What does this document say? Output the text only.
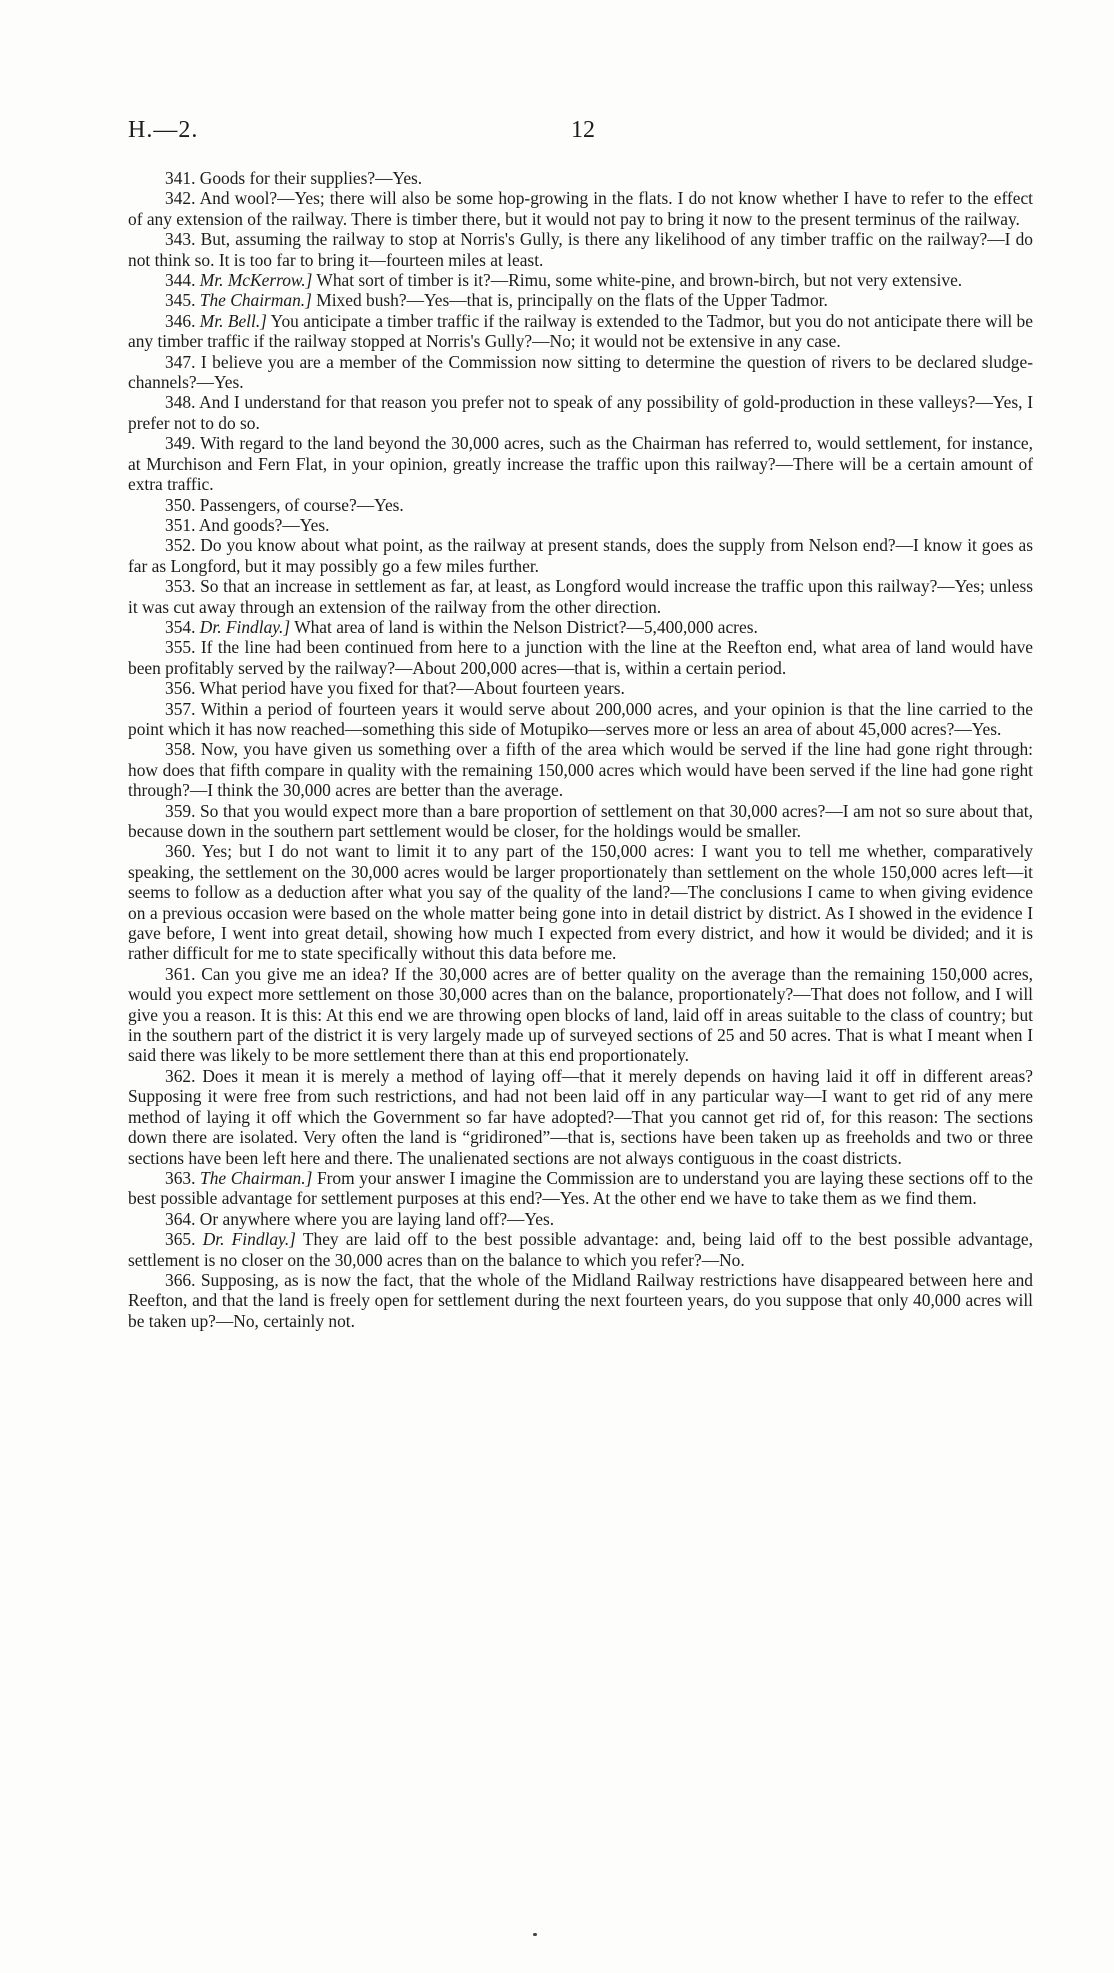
H.—2.	12

341. Goods for their supplies?—Yes.

342. And wool?—Yes; there will also be some hop-growing in the flats. I do not know whether I have to refer to the effect of any extension of the railway. There is timber there, but it would not pay to bring it now to the present terminus of the railway.

343. But, assuming the railway to stop at Norris's Gully, is there any likelihood of any timber traffic on the railway?—I do not think so. It is too far to bring it—fourteen miles at least.

344. Mr. McKerrow.] What sort of timber is it?—Rimu, some white-pine, and brown-birch, but not very extensive.

345. The Chairman.] Mixed bush?—Yes—that is, principally on the flats of the Upper Tadmor.

346. Mr. Bell.] You anticipate a timber traffic if the railway is extended to the Tadmor, but you do not anticipate there will be any timber traffic if the railway stopped at Norris's Gully?—No; it would not be extensive in any case.

347. I believe you are a member of the Commission now sitting to determine the question of rivers to be declared sludge-channels?—Yes.

348. And I understand for that reason you prefer not to speak of any possibility of gold-production in these valleys?—Yes, I prefer not to do so.

349. With regard to the land beyond the 30,000 acres, such as the Chairman has referred to, would settlement, for instance, at Murchison and Fern Flat, in your opinion, greatly increase the traffic upon this railway?—There will be a certain amount of extra traffic.

350. Passengers, of course?—Yes.

351. And goods?—Yes.

352. Do you know about what point, as the railway at present stands, does the supply from Nelson end?—I know it goes as far as Longford, but it may possibly go a few miles further.

353. So that an increase in settlement as far, at least, as Longford would increase the traffic upon this railway?—Yes; unless it was cut away through an extension of the railway from the other direction.

354. Dr. Findlay.] What area of land is within the Nelson District?—5,400,000 acres.

355. If the line had been continued from here to a junction with the line at the Reefton end, what area of land would have been profitably served by the railway?—About 200,000 acres—that is, within a certain period.

356. What period have you fixed for that?—About fourteen years.

357. Within a period of fourteen years it would serve about 200,000 acres, and your opinion is that the line carried to the point which it has now reached—something this side of Motupiko—serves more or less an area of about 45,000 acres?—Yes.

358. Now, you have given us something over a fifth of the area which would be served if the line had gone right through: how does that fifth compare in quality with the remaining 150,000 acres which would have been served if the line had gone right through?—I think the 30,000 acres are better than the average.

359. So that you would expect more than a bare proportion of settlement on that 30,000 acres?—I am not so sure about that, because down in the southern part settlement would be closer, for the holdings would be smaller.

360. Yes; but I do not want to limit it to any part of the 150,000 acres: I want you to tell me whether, comparatively speaking, the settlement on the 30,000 acres would be larger proportionately than settlement on the whole 150,000 acres left—it seems to follow as a deduction after what you say of the quality of the land?—The conclusions I came to when giving evidence on a previous occasion were based on the whole matter being gone into in detail district by district. As I showed in the evidence I gave before, I went into great detail, showing how much I expected from every district, and how it would be divided; and it is rather difficult for me to state specifically without this data before me.

361. Can you give me an idea? If the 30,000 acres are of better quality on the average than the remaining 150,000 acres, would you expect more settlement on those 30,000 acres than on the balance, proportionately?—That does not follow, and I will give you a reason. It is this: At this end we are throwing open blocks of land, laid off in areas suitable to the class of country; but in the southern part of the district it is very largely made up of surveyed sections of 25 and 50 acres. That is what I meant when I said there was likely to be more settlement there than at this end proportionately.

362. Does it mean it is merely a method of laying off—that it merely depends on having laid it off in different areas? Supposing it were free from such restrictions, and had not been laid off in any particular way—I want to get rid of any mere method of laying it off which the Government so far have adopted?—That you cannot get rid of, for this reason: The sections down there are isolated. Very often the land is “gridironed”—that is, sections have been taken up as freeholds and two or three sections have been left here and there. The unalienated sections are not always contiguous in the coast districts.

363. The Chairman.] From your answer I imagine the Commission are to understand you are laying these sections off to the best possible advantage for settlement purposes at this end?—Yes. At the other end we have to take them as we find them.

364. Or anywhere where you are laying land off?—Yes.

365. Dr. Findlay.] They are laid off to the best possible advantage: and, being laid off to the best possible advantage, settlement is no closer on the 30,000 acres than on the balance to which you refer?—No.

366. Supposing, as is now the fact, that the whole of the Midland Railway restrictions have disappeared between here and Reefton, and that the land is freely open for settlement during the next fourteen years, do you suppose that only 40,000 acres will be taken up?—No, certainly not.
